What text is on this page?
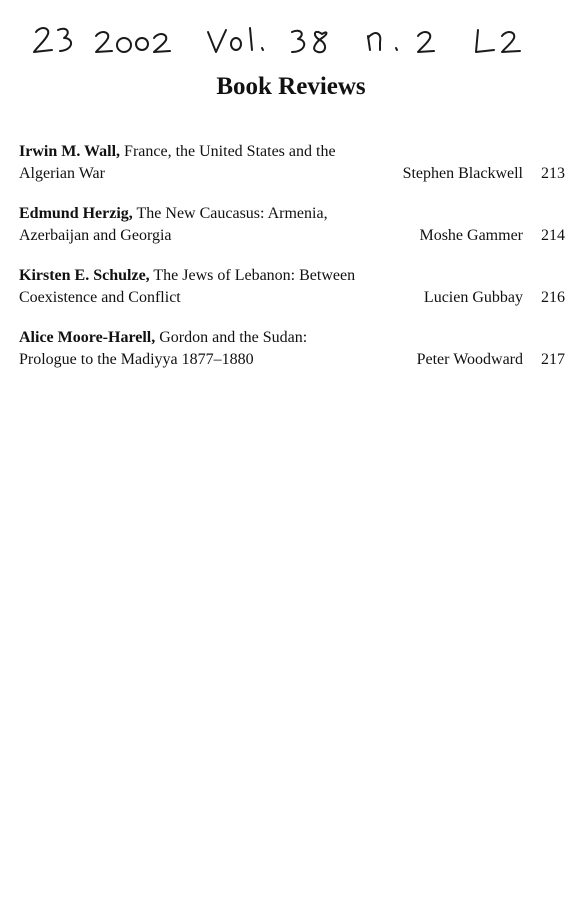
Book Reviews
Irwin M. Wall, France, the United States and the
Algerian War	Stephen Blackwell	213
Edmund Herzig, The New Caucasus: Armenia,
Azerbaijan and Georgia	Moshe Gammer	214
Kirsten E. Schulze, The Jews of Lebanon: Between
Coexistence and Conflict	Lucien Gubbay	216
Alice Moore-Harell, Gordon and the Sudan:
Prologue to the Madiyya 1877–1880	Peter Woodward	217
